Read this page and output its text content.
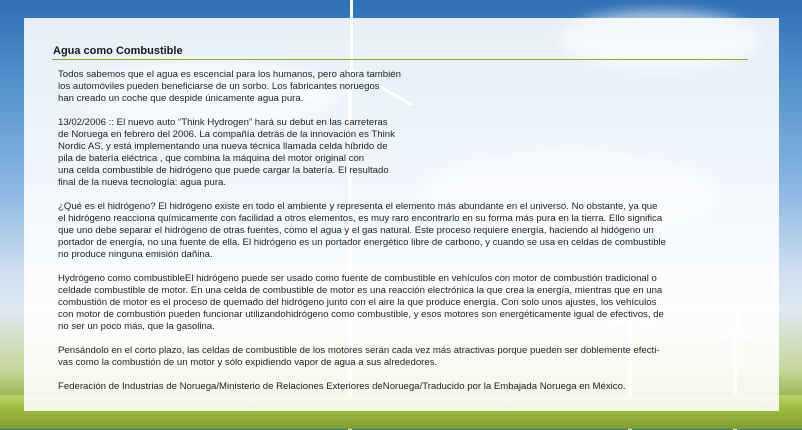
Agua como Combustible

Todos sabemos que el agua es escencial para los humanos, pero ahora también
los automóviles pueden beneficiarse de un sorbo. Los fabricantes noruegos
han creado un coche que despide únicamente agua pura.

13/02/2006 :: El nuevo auto “Think Hydrogen” hará su debut en las carreteras
de Noruega en febrero del 2006. La compañía detrás de la innovación es Think
Nordic AS, y está implementando una nueva técnica llamada celda híbrido de
pila de batería eléctrica , que combina la máquina del motor original con
una celda combustible de hidrógeno que puede cargar la batería. El resultado
final de la nueva tecnología: agua pura.

¿Qué es el hidrógeno? El hidrógeno existe en todo el ambiente y representa el elemento más abundante en el universo. No obstante, ya que
el hidrógeno reacciona químicamente con facilidad a otros elementos, es muy raro encontrarlo en su forma más pura en la tierra. Ello significa
que uno debe separar el hidrógeno de otras fuentes, como el agua y el gas natural. Este proceso requiere energía, haciendo al hidógeno un
portador de energía, no una fuente de ella. El hidrógeno es un portador energético libre de carbono, y cuando se usa en celdas de combustible
no produce ninguna emisión dañina.

Hydrógeno como combustibleEl hidrógeno puede ser usado como fuente de combustible en vehículos con motor de combustión tradicional o
celdade combustible de motor. En una celda de combustible de motor es una reacción electrónica la que crea la energía, mientras que en una
combustión de motor es el proceso de quemado del hidrógeno junto con el aire la que produce energía. Con solo unos ajustes, los vehículos
con motor de combustión pueden funcionar utilizandohidrógeno como combustible, y esos motores son energéticamente igual de efectivos, de
no ser un poco más, que la gasolina.

Pensándolo en el corto plazo, las celdas de combustible de los motores serán cada vez más atractivas porque pueden ser doblemente efecti-
vas como la combustión de un motor y sólo expidiendo vapor de agua a sus alrededores.

Federación de Industrias de Noruega/Ministerio de Relaciones Exteriores deNoruega/Traducido por la Embajada Noruega en México.
